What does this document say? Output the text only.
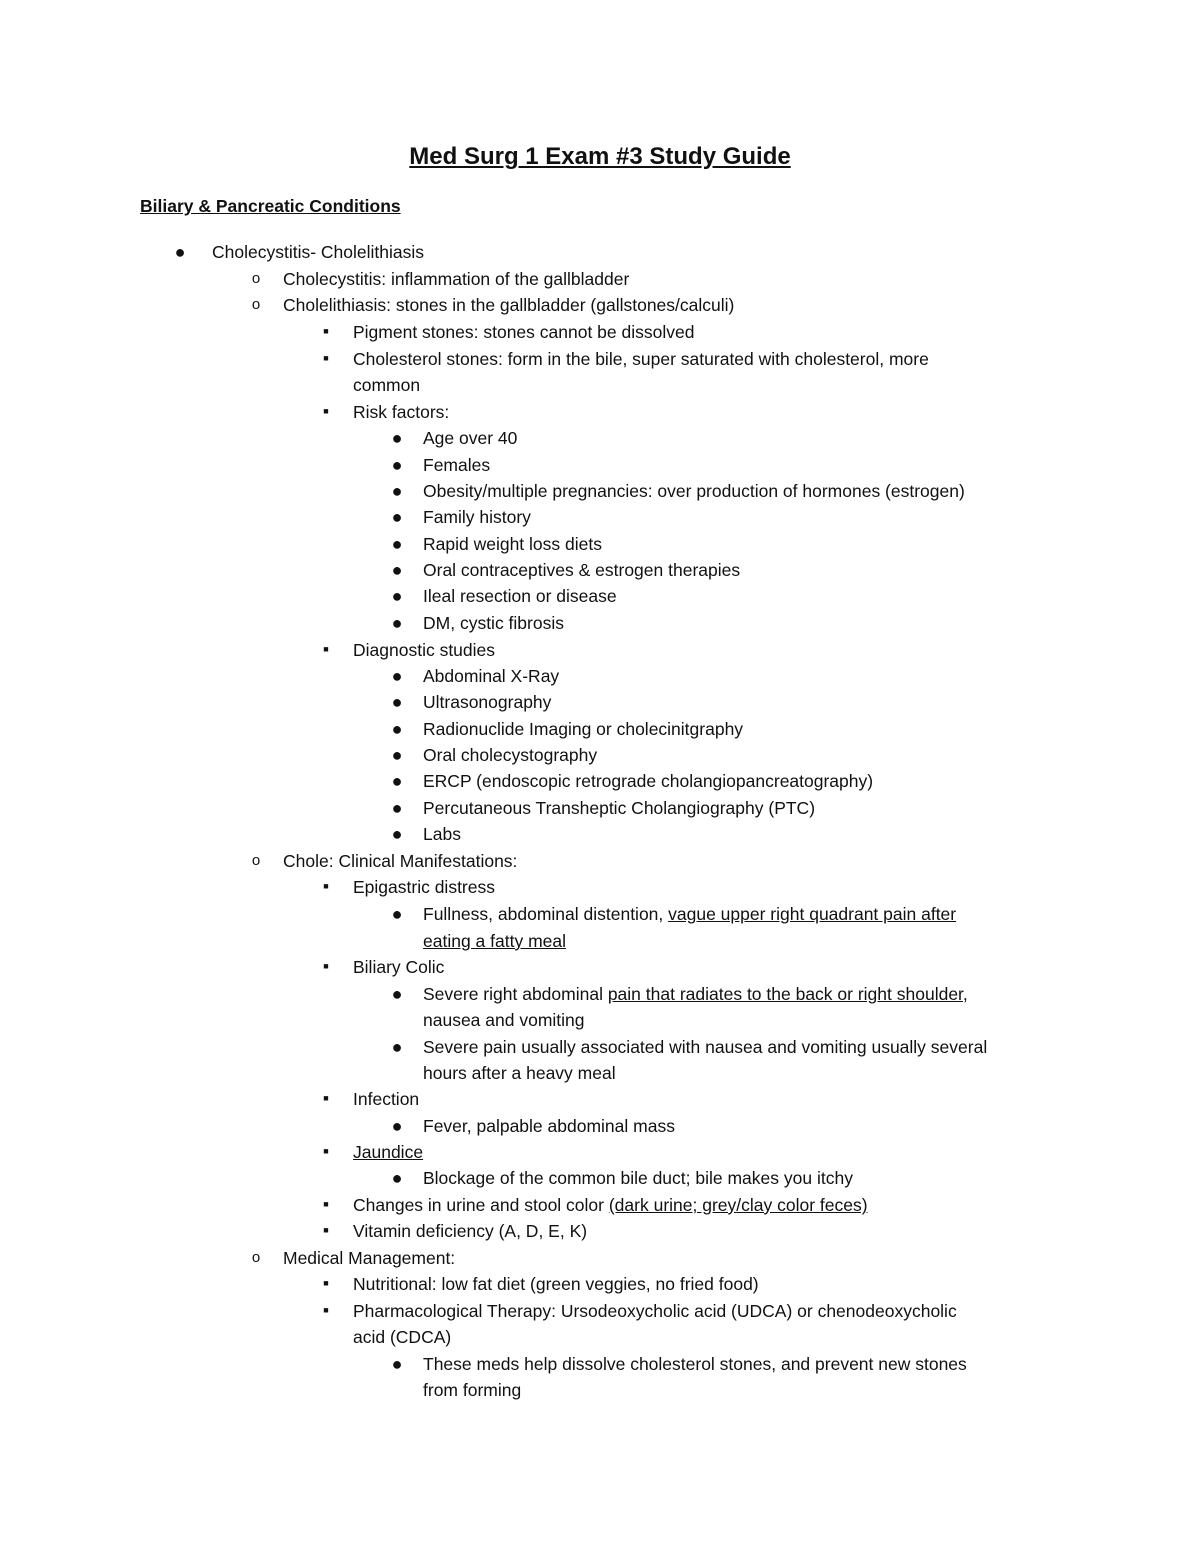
Med Surg 1 Exam #3 Study Guide
Biliary & Pancreatic Conditions
● Cholecystitis- Cholelithiasis
o Cholecystitis: inflammation of the gallbladder
o Cholelithiasis: stones in the gallbladder (gallstones/calculi)
■	Pigment stones: stones cannot be dissolved
■	Cholesterol stones: form in the bile, super saturated with cholesterol, more
common
■	Risk factors:
● Age over 40
● Females
● Obesity/multiple pregnancies: over production of hormones (estrogen)
● Family history
● Rapid weight loss diets
● Oral contraceptives & estrogen therapies
● Ileal resection or disease
● DM, cystic fibrosis
■	Diagnostic studies
● Abdominal X-Ray
● Ultrasonography
● Radionuclide Imaging or cholecinitgraphy
● Oral cholecystography
● ERCP (endoscopic retrograde cholangiopancreatography)
● Percutaneous Transheptic Cholangiography (PTC)
● Labs
o Chole: Clinical Manifestations:
■	Epigastric distress
● Fullness, abdominal distention, vague upper right quadrant pain after
eating a fatty meal
■	Biliary Colic
● Severe right abdominal pain that radiates to the back or right shoulder,
nausea and vomiting
● Severe pain usually associated with nausea and vomiting usually several
hours after a heavy meal
■	Infection
● Fever, palpable abdominal mass
■	Jaundice
● Blockage of the common bile duct; bile makes you itchy
■	Changes in urine and stool color (dark urine; grey/clay color feces)
■	Vitamin deficiency (A, D, E, K)
o Medical Management:
■	Nutritional: low fat diet (green veggies, no fried food)
■	Pharmacological Therapy: Ursodeoxycholic acid (UDCA) or chenodeoxycholic
acid (CDCA)
● These meds help dissolve cholesterol stones, and prevent new stones
from forming
